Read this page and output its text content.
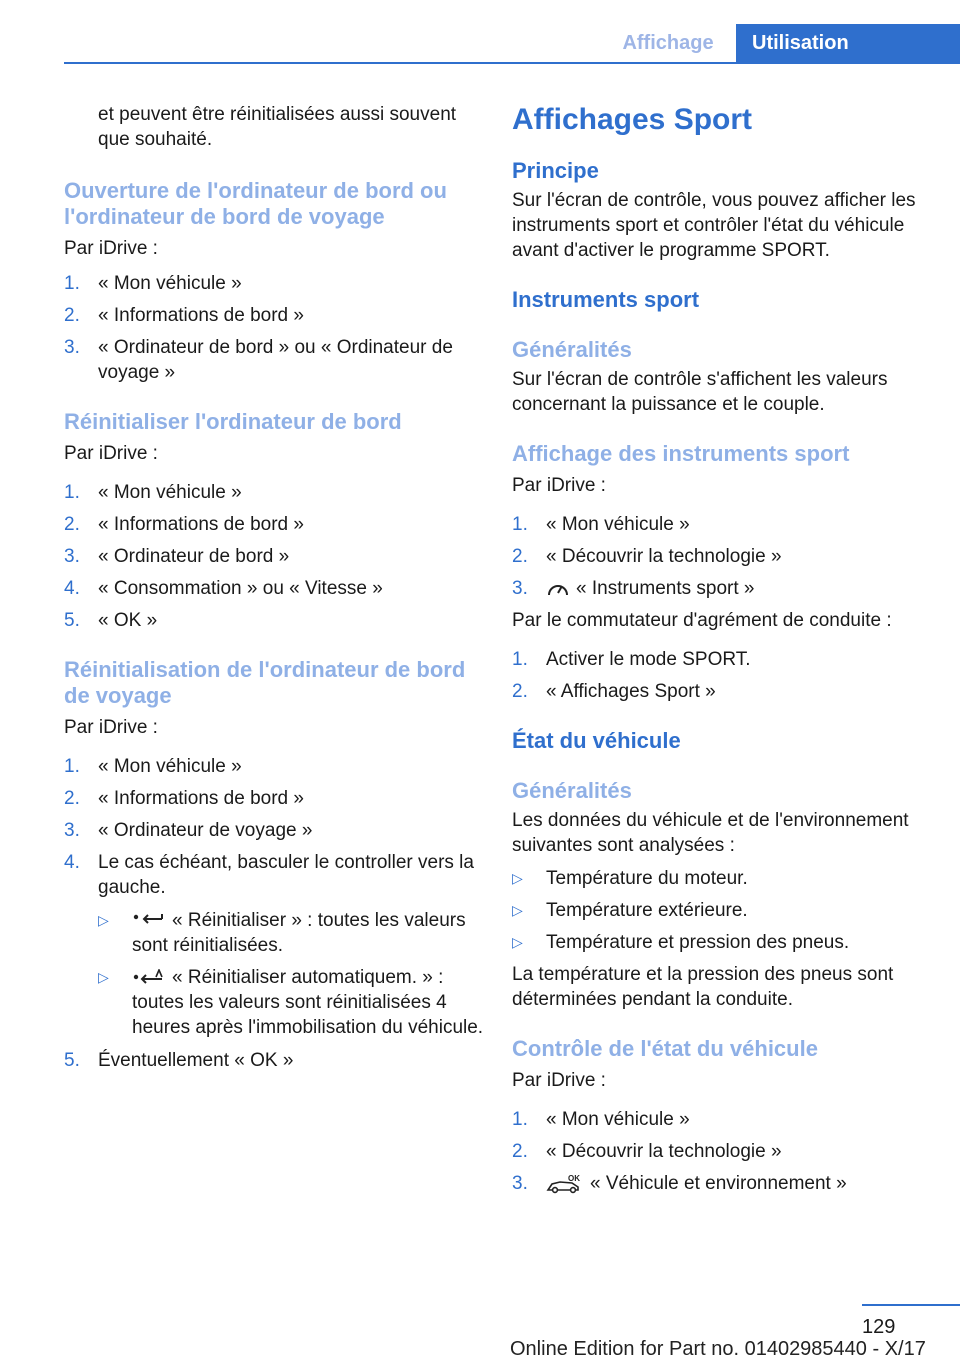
Affichage	Utilisation

et peuvent être réinitialisées aussi souvent

que souhaité.

Ouverture de l'ordinateur de bord ou l'ordinateur de bord de voyage

Par iDrive :

1. « Mon véhicule »
2. « Informations de bord »
3. « Ordinateur de bord » ou « Ordinateur de voyage »
Réinitialiser l'ordinateur de bord

Par iDrive :

1. « Mon véhicule »
2. « Informations de bord »
3. « Ordinateur de bord »
4. « Consommation » ou « Vitesse »
5. « OK »
Réinitialisation de l'ordinateur de bord de voyage

Par iDrive :

1. « Mon véhicule »
2. « Informations de bord »
3. « Ordinateur de voyage »
4. Le cas échéant, basculer le controller vers la gauche.
▷	« Réinitialiser » : toutes les valeurs sont réinitialisées.
▷	« Réinitialiser automatiquem. » : toutes les valeurs sont réinitialisées 4 heures après l'immobilisation du véhicule.
5. Éventuellement « OK »
Affichages Sport
Principe

Sur l'écran de contrôle, vous pouvez afficher les instruments sport et contrôler l'état du véhicule avant d'activer le programme SPORT.

Instruments sport
Généralités

Sur l'écran de contrôle s'affichent les valeurs concernant la puissance et le couple.

Affichage des instruments sport

Par iDrive :

1. « Mon véhicule »
2. « Découvrir la technologie »
3.	« Instruments sport »

Par le commutateur d'agrément de conduite :

1. Activer le mode SPORT.
2. « Affichages Sport »
État du véhicule
Généralités

Les données du véhicule et de l'environnement suivantes sont analysées :

▷	Température du moteur.
▷	Température extérieure.
▷	Température et pression des pneus.

La température et la pression des pneus sont déterminées pendant la conduite.

Contrôle de l'état du véhicule

Par iDrive :

1. « Mon véhicule »
2. « Découvrir la technologie »
3.	OK « Véhicule et environnement »
129
Online Edition for Part no. 01402985440 - X/17
